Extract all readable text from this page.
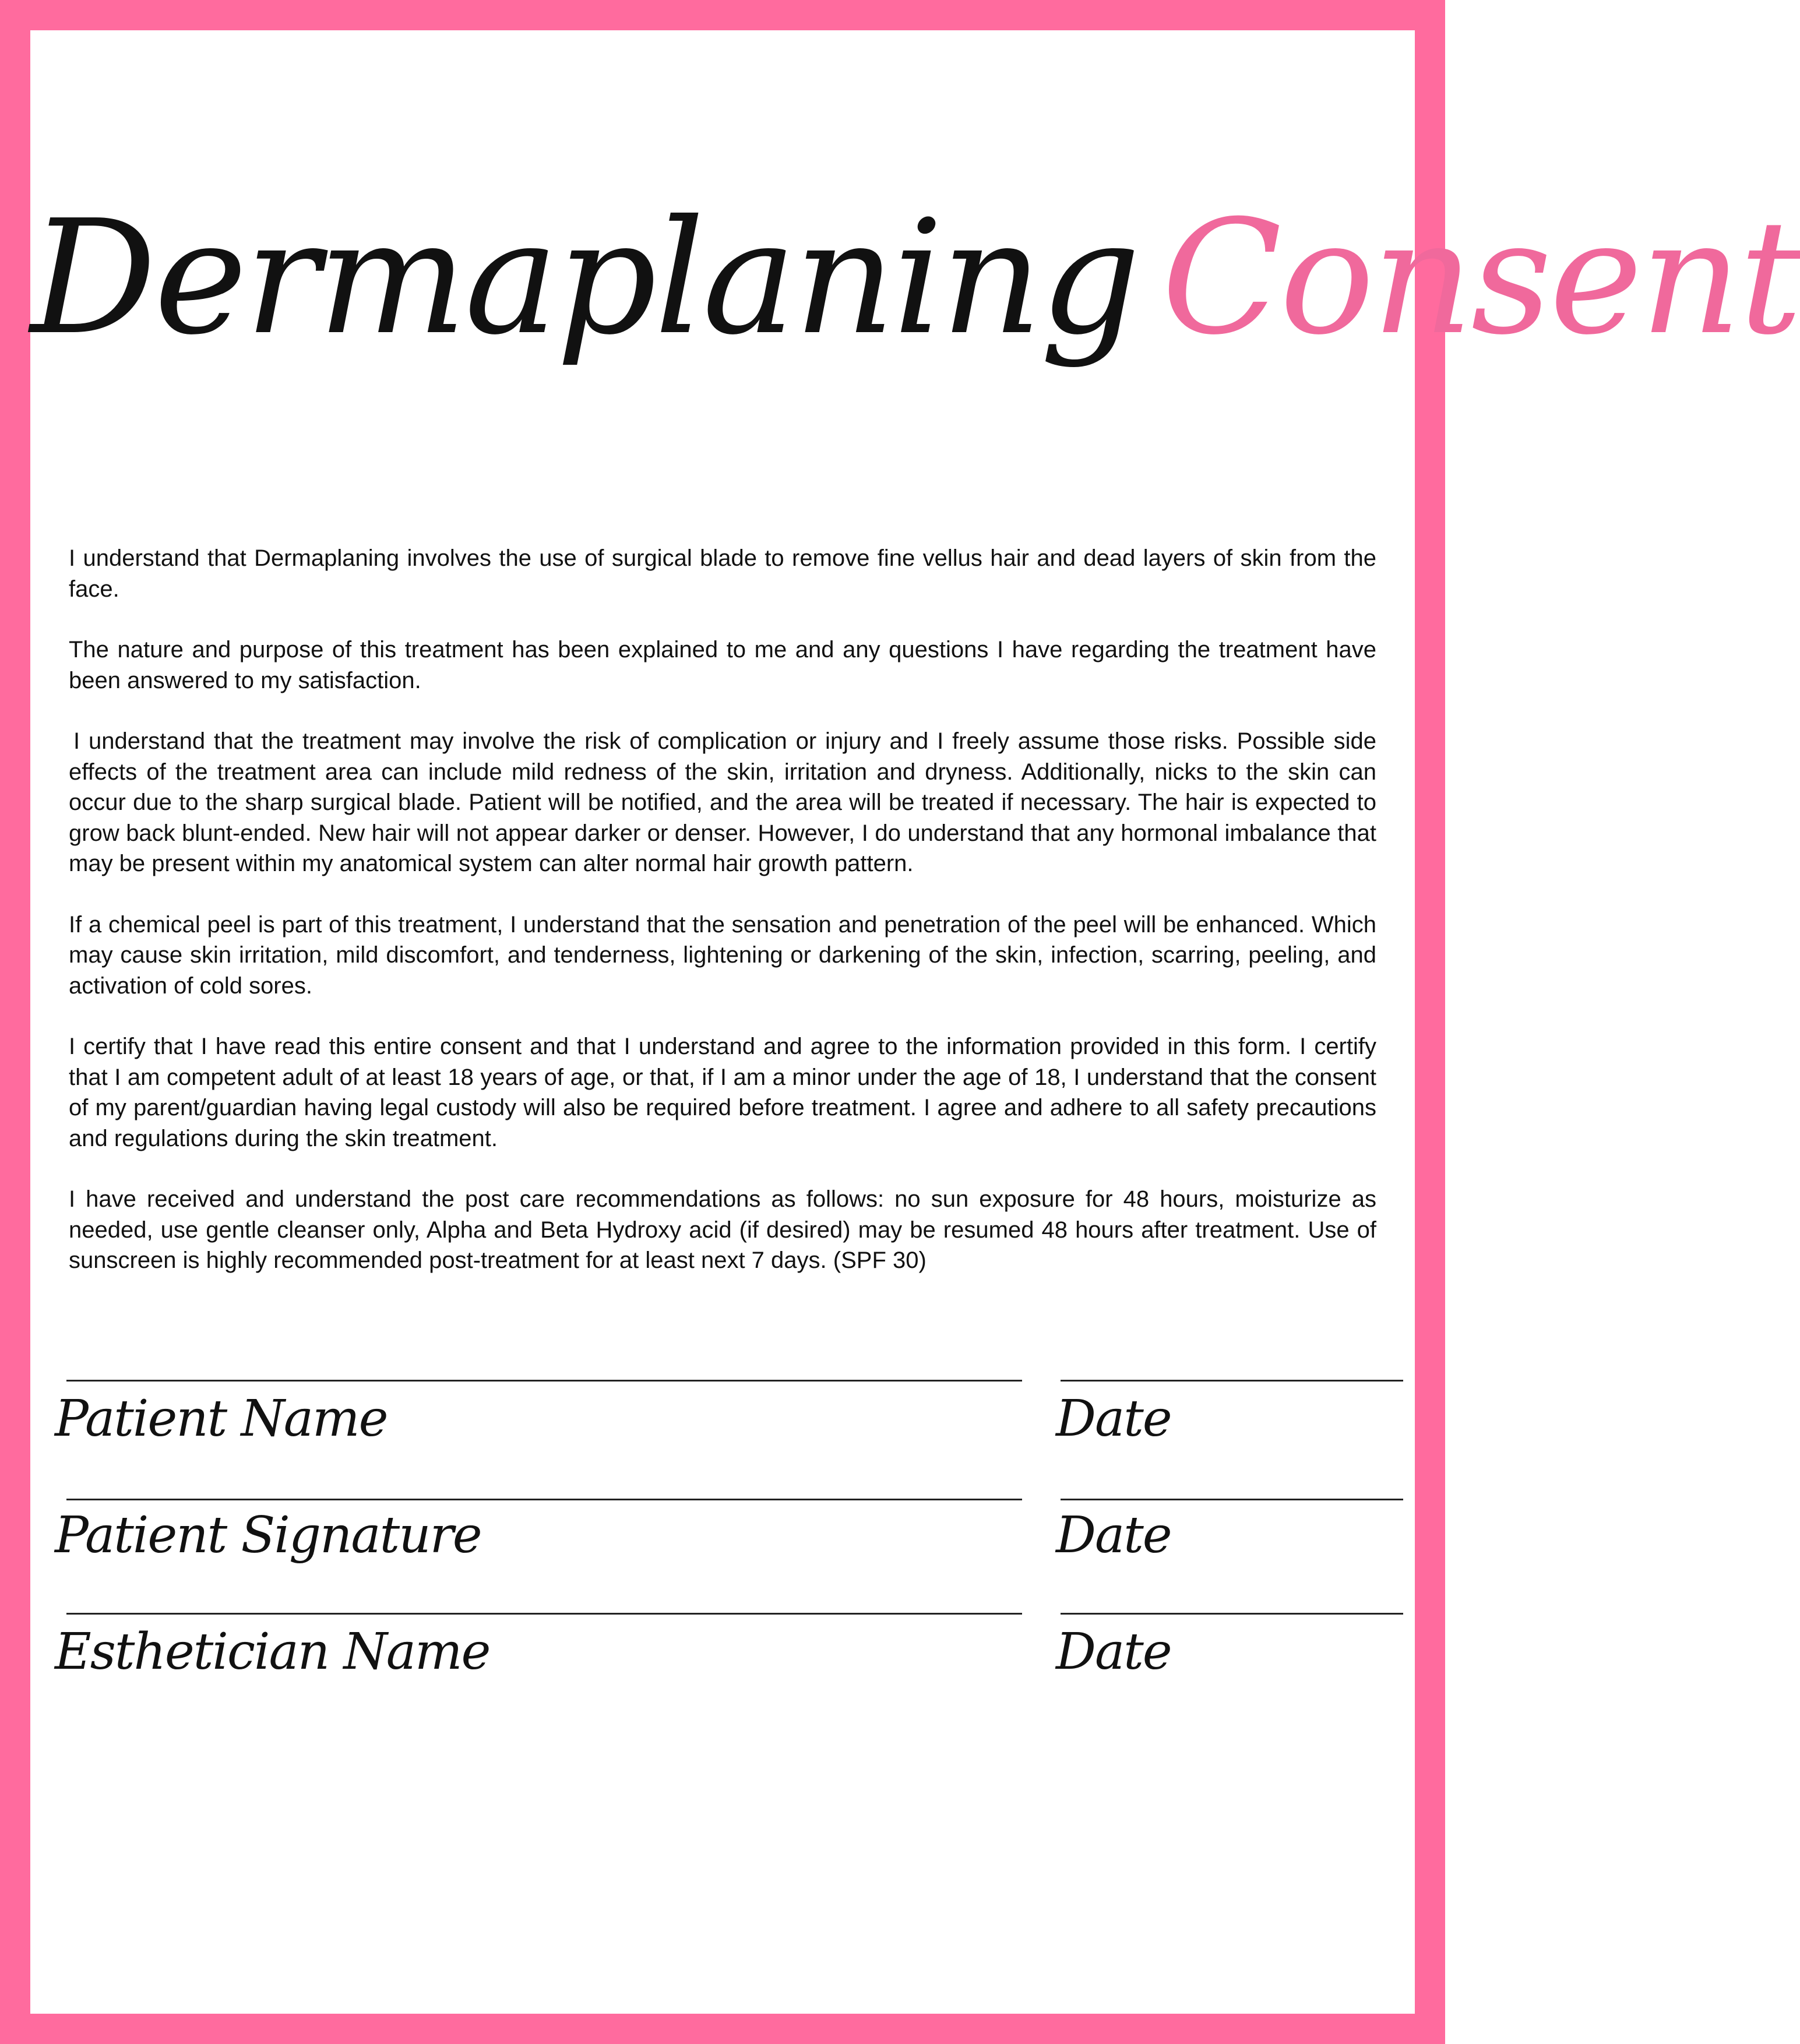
Dermaplaning Consent

I understand that Dermaplaning involves the use of surgical blade to remove fine vellus hair and dead layers of skin from the face.

The nature and purpose of this treatment has been explained to me and any questions I have regarding the treatment have been answered to my satisfaction.

I understand that the treatment may involve the risk of complication or injury and I freely assume those risks. Possible side effects of the treatment area can include mild redness of the skin, irritation and dryness. Additionally, nicks to the skin can occur due to the sharp surgical blade. Patient will be notified, and the area will be treated if necessary. The hair is expected to grow back blunt-ended. New hair will not appear darker or denser. However, I do understand that any hormonal imbalance that may be present within my anatomical system can alter normal hair growth pattern.

If a chemical peel is part of this treatment, I understand that the sensation and penetration of the peel will be enhanced. Which may cause skin irritation, mild discomfort, and tenderness, lightening or darkening of the skin, infection, scarring, peeling, and activation of cold sores.

I certify that I have read this entire consent and that I understand and agree to the information provided in this form. I certify that I am competent adult of at least 18 years of age, or that, if I am a minor under the age of 18, I understand that the consent of my parent/guardian having legal custody will also be required before treatment. I agree and adhere to all safety precautions and regulations during the skin treatment.

I have received and understand the post care recommendations as follows: no sun exposure for 48 hours, moisturize as needed, use gentle cleanser only, Alpha and Beta Hydroxy acid (if desired) may be resumed 48 hours after treatment. Use of sunscreen is highly recommended post-treatment for at least next 7 days. (SPF 30)

Patient Name	Date
Patient Signature	Date
Esthetician Name	Date
